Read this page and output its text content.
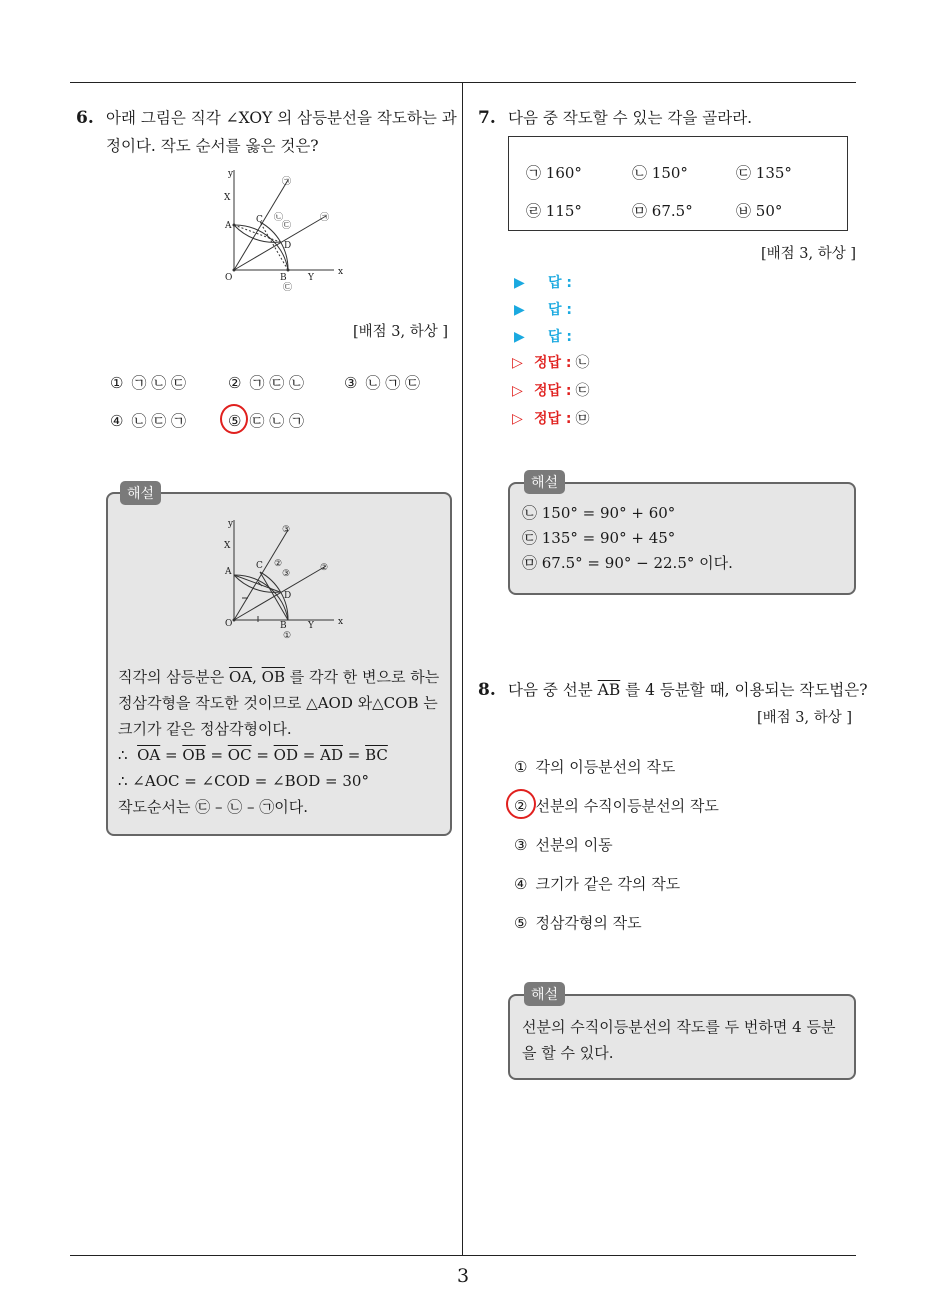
6. 아래 그림은 직각 ∠XOY 의 삼등분선을 작도하는 과
정이다. 작도 순서를 옳은 것은?
y
x
X
A
C
D
O	B Y
㉠
㉡
㉢
㉠
㉢
[배점 3, 하상 ]
① ㉠ ㉡ ㉢	② ㉠ ㉢ ㉡	③ ㉡ ㉠ ㉢
④ ㉡ ㉢ ㉠	⑤ ㉢ ㉡ ㉠
해설
y
x
X
A
C
D
O	B Y
③
②
③
②
①
직각의 삼등분은 $\overline{OA}$, $\overline{OB}$ 를 각각 한 변으로 하는
정삼각형을 작도한 것이므로 △AOD 와△COB 는
크기가 같은 정삼각형이다.
∴ $\overline{OA} = \overline{OB} = \overline{OC} = \overline{OD} = \overline{AD} = \overline{BC}$
∴ ∠AOC = ∠COD = ∠BOD = 30°
작도순서는 ㉢ – ㉡ – ㉠이다.
7. 다음 중 작도할 수 있는 각을 골라라.
㉠ 160°	㉡ 150°	㉢ 135°
㉣ 115°	㉤ 67.5°	㉥ 50°
[배점 3, 하상 ]
▶ 답 :
▶ 답 :
▶ 답 :
▷ 정답 : ㉡
▷ 정답 : ㉢
▷ 정답 : ㉤
해설
㉡ 150° = 90° + 60°
㉢ 135° = 90° + 45°
㉤ 67.5° = 90° − 22.5° 이다.
8. 다음 중 선분 $\overline{AB}$ 를 4 등분할 때, 이용되는 작도법은?
[배점 3, 하상 ]
① 각의 이등분선의 작도
② 선분의 수직이등분선의 작도
③ 선분의 이동
④ 크기가 같은 각의 작도
⑤ 정삼각형의 작도
해설
선분의 수직이등분선의 작도를 두 번하면 4 등분
을 할 수 있다.
3
